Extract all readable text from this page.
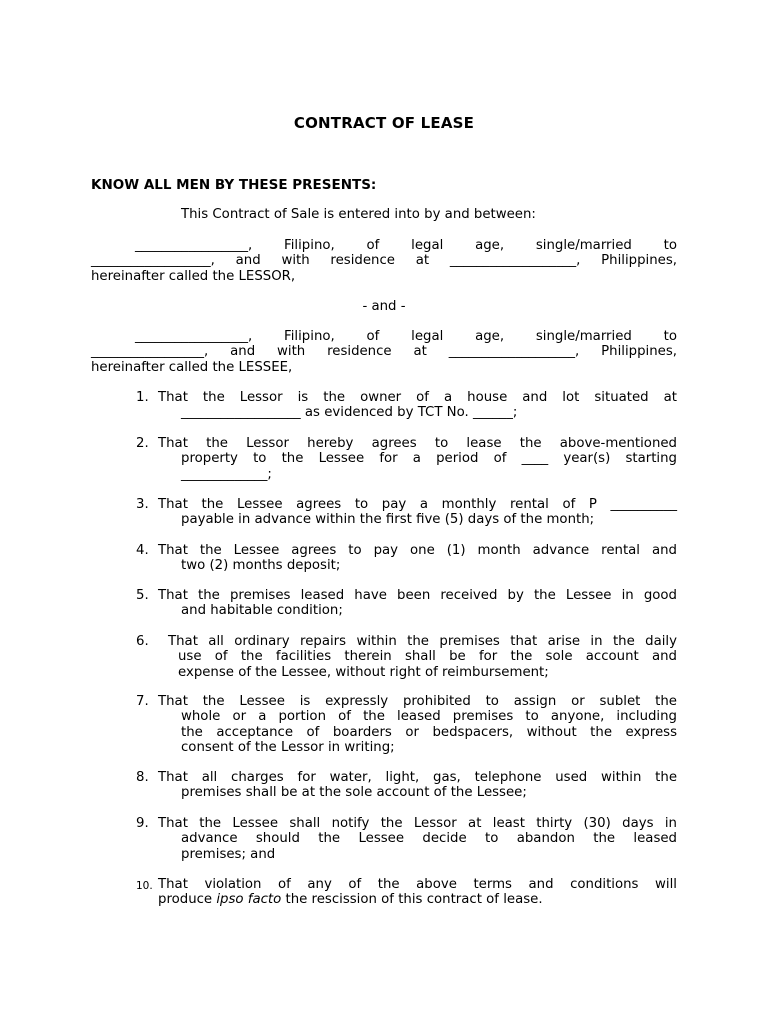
CONTRACT OF LEASE
KNOW ALL MEN BY THESE PRESENTS:
This Contract of Sale is entered into by and between:
_________________, Filipino, of legal age, single/married to
__________________, and with residence at ___________________, Philippines,
hereinafter called the LESSOR,
- and -
_________________, Filipino, of legal age, single/married to
_________________, and with residence at ___________________, Philippines,
hereinafter called the LESSEE,
1. That the Lessor is the owner of a house and lot situated at
__________________ as evidenced by TCT No. ______;
2. That the Lessor hereby agrees to lease the above-mentioned
property to the Lessee for a period of ____ year(s) starting
_____________;
3. That the Lessee agrees to pay a monthly rental of P __________
payable in advance within the first five (5) days of the month;
4. That the Lessee agrees to pay one (1) month advance rental and
two (2) months deposit;
5. That the premises leased have been received by the Lessee in good
and habitable condition;
6. That all ordinary repairs within the premises that arise in the daily
use of the facilities therein shall be for the sole account and
expense of the Lessee, without right of reimbursement;
7. That the Lessee is expressly prohibited to assign or sublet the
whole or a portion of the leased premises to anyone, including
the acceptance of boarders or bedspacers, without the express
consent of the Lessor in writing;
8. That all charges for water, light, gas, telephone used within the
premises shall be at the sole account of the Lessee;
9. That the Lessee shall notify the Lessor at least thirty (30) days in
advance should the Lessee decide to abandon the leased
premises; and
10. That violation of any of the above terms and conditions will
produce ipso facto the rescission of this contract of lease.
